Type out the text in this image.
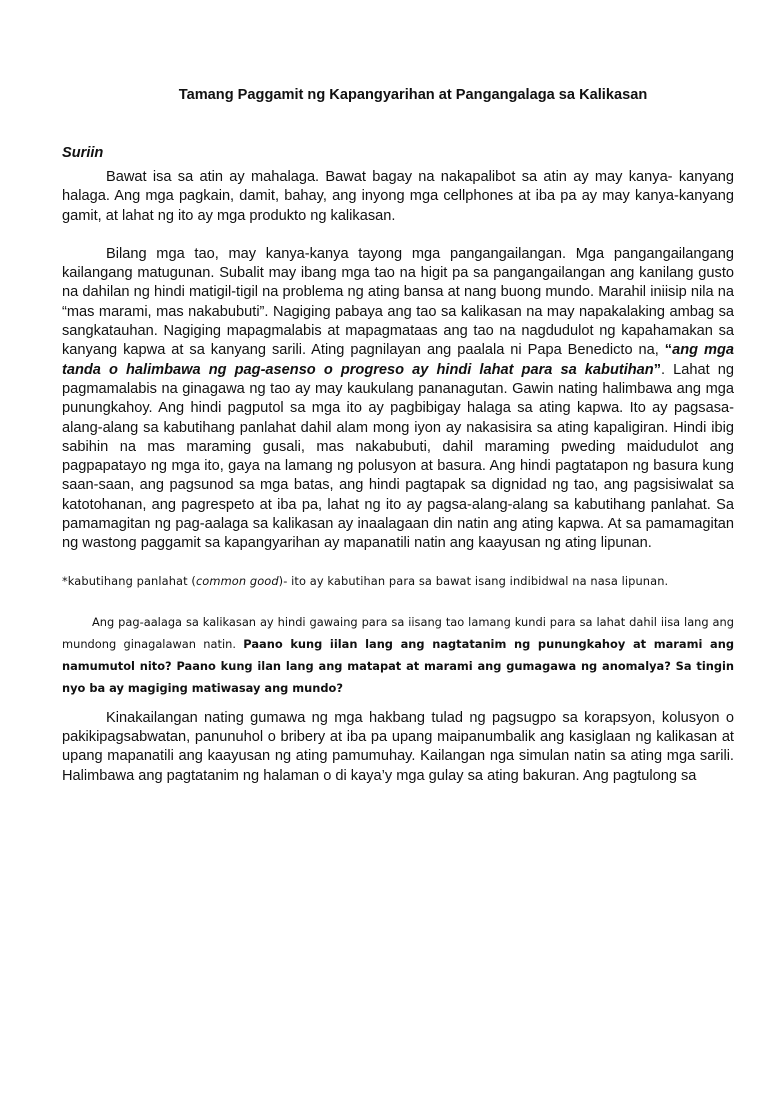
Tamang Paggamit ng Kapangyarihan at Pangangalaga sa Kalikasan
Suriin

Bawat isa sa atin ay mahalaga. Bawat bagay na nakapalibot sa atin ay may kanya- kanyang halaga. Ang mga pagkain, damit, bahay, ang inyong mga cellphones at iba pa ay may kanya-kanyang gamit, at lahat ng ito ay mga produkto ng kalikasan.

Bilang mga tao, may kanya-kanya tayong mga pangangailangan. Mga pangangailangang kailangang matugunan. Subalit may ibang mga tao na higit pa sa pangangailangan ang kanilang gusto na dahilan ng hindi matigil-tigil na problema ng ating bansa at nang buong mundo. Marahil iniisip nila na “mas marami, mas nakabubuti”. Nagiging pabaya ang tao sa kalikasan na may napakalaking ambag sa sangkatauhan. Nagiging mapagmalabis at mapagmataas ang tao na nagdudulot ng kapahamakan sa kanyang kapwa at sa kanyang sarili. Ating pagnilayan ang paalala ni Papa Benedicto na, “ang mga tanda o halimbawa ng pag-asenso o progreso ay hindi lahat para sa kabutihan”. Lahat ng pagmamalabis na ginagawa ng tao ay may kaukulang pananagutan. Gawin nating halimbawa ang mga punungkahoy. Ang hindi pagputol sa mga ito ay pagbibigay halaga sa ating kapwa. Ito ay pagsasa- alang-alang sa kabutihang panlahat dahil alam mong iyon ay nakasisira sa ating kapaligiran. Hindi ibig sabihin na mas maraming gusali, mas nakabubuti, dahil maraming pweding maidudulot ang pagpapatayo ng mga ito, gaya na lamang ng polusyon at basura. Ang hindi pagtatapon ng basura kung saan-saan, ang pagsunod sa mga batas, ang hindi pagtapak sa dignidad ng tao, ang pagsisiwalat sa katotohanan, ang pagrespeto at iba pa, lahat ng ito ay pagsa-alang-alang sa kabutihang panlahat. Sa pamamagitan ng pag-aalaga sa kalikasan ay inaalagaan din natin ang ating kapwa. At sa pamamagitan ng wastong paggamit sa kapangyarihan ay mapanatili natin ang kaayusan ng ating lipunan.

*kabutihang panlahat (common good)- ito ay kabutihan para sa bawat isang indibidwal na nasa lipunan.

Ang pag-aalaga sa kalikasan ay hindi gawaing para sa iisang tao lamang kundi para sa lahat dahil iisa lang ang mundong ginagalawan natin. Paano kung iilan lang ang nagtatanim ng punungkahoy at marami ang namumutol nito? Paano kung ilan lang ang matapat at marami ang gumagawa ng anomalya? Sa tingin nyo ba ay magiging matiwasay ang mundo?

Kinakailangan nating gumawa ng mga hakbang tulad ng pagsugpo sa korapsyon, kolusyon o pakikipagsabwatan, panunuhol o bribery at iba pa upang maipanumbalik ang kasiglaan ng kalikasan at upang mapanatili ang kaayusan ng ating pamumuhay. Kailangan nga simulan natin sa ating mga sarili. Halimbawa ang pagtatanim ng halaman o di kaya’y mga gulay sa ating bakuran. Ang pagtulong sa
